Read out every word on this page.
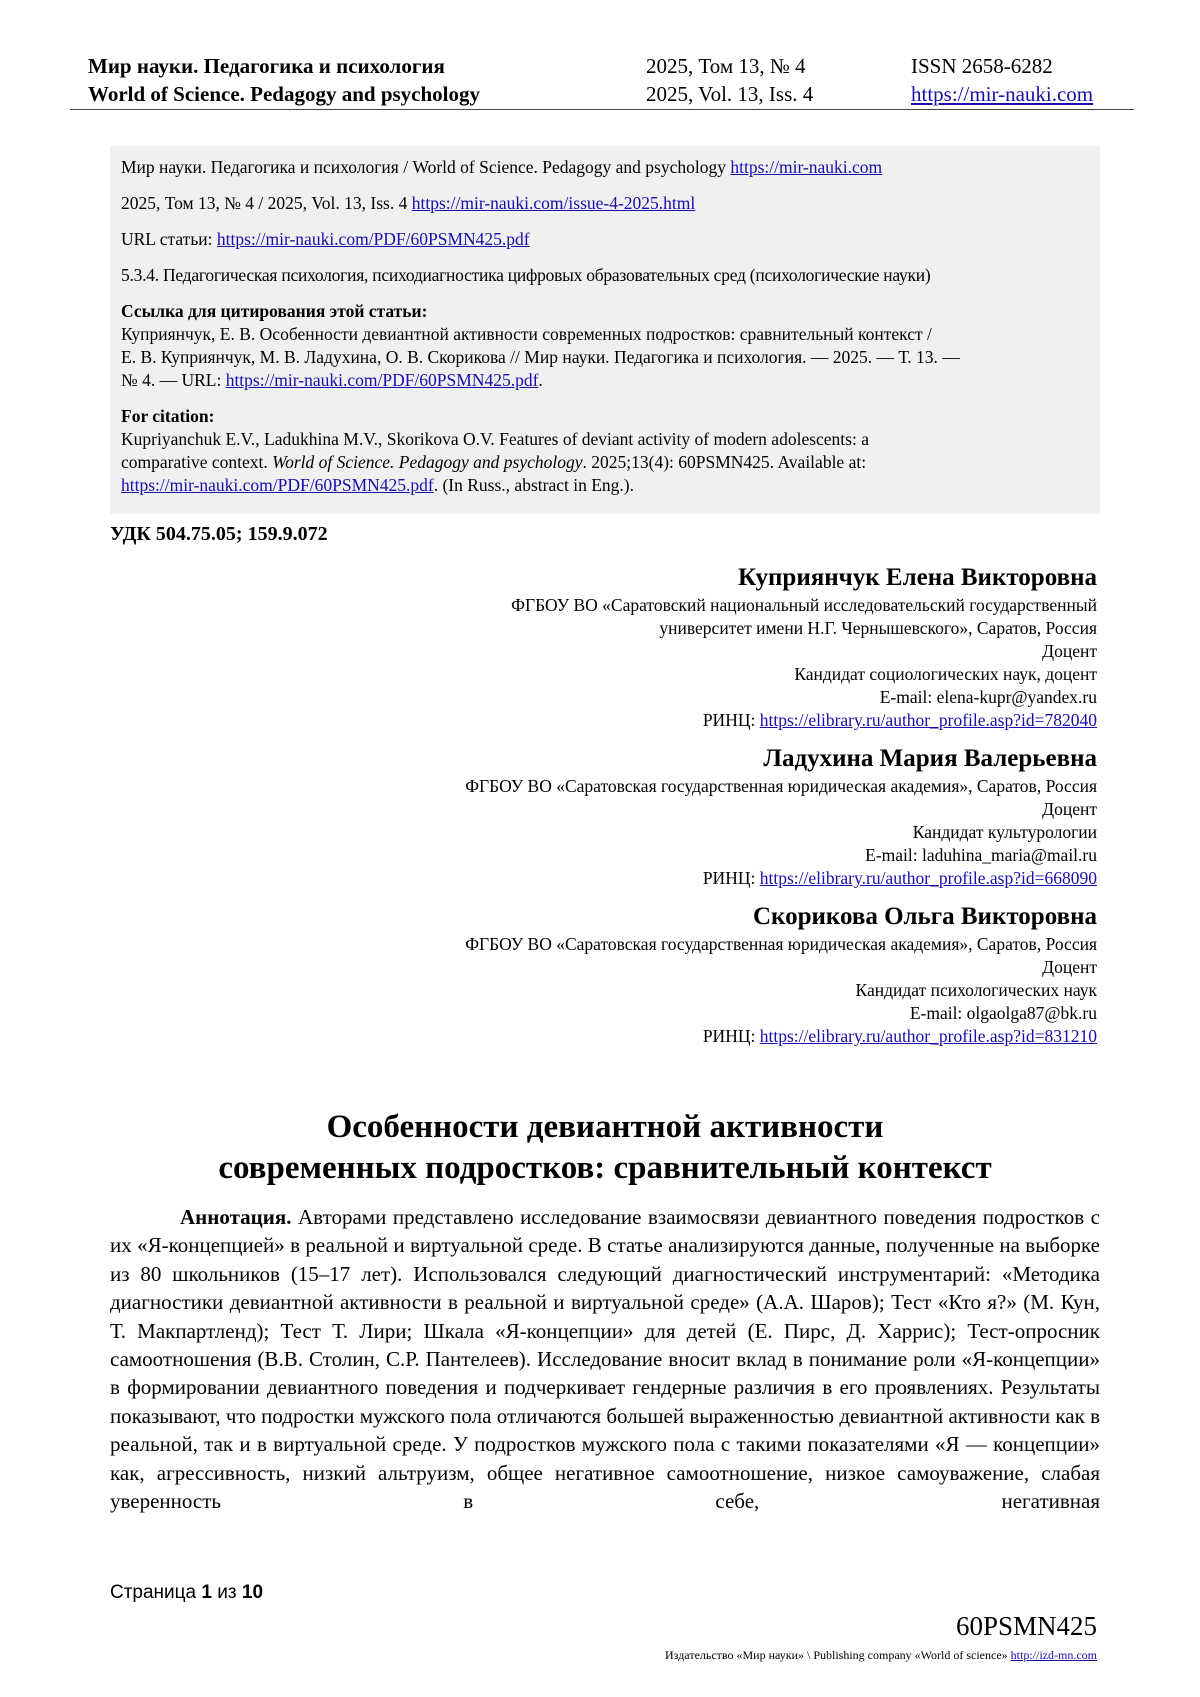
Мир науки. Педагогика и психология
World of Science. Pedagogy and psychology
2025, Том 13, № 4
2025, Vol. 13, Iss. 4
ISSN 2658-6282
https://mir-nauki.com

Мир науки. Педагогика и психология / World of Science. Pedagogy and psychology https://mir-nauki.com

2025, Том 13, № 4 / 2025, Vol. 13, Iss. 4 https://mir-nauki.com/issue-4-2025.html

URL статьи: https://mir-nauki.com/PDF/60PSMN425.pdf

5.3.4. Педагогическая психология, психодиагностика цифровых образовательных сред (психологические науки)

Ссылка для цитирования этой статьи:

Куприянчук, Е. В. Особенности девиантной активности современных подростков: сравнительный контекст /

Е. В. Куприянчук, М. В. Ладухина, О. В. Скорикова // Мир науки. Педагогика и психология. — 2025. — Т. 13. —

№ 4. — URL: https://mir-nauki.com/PDF/60PSMN425.pdf.

For citation:

Kupriyanchuk E.V., Ladukhina M.V., Skorikova O.V. Features of deviant activity of modern adolescents: a

comparative context. World of Science. Pedagogy and psychology. 2025;13(4): 60PSMN425. Available at:

https://mir-nauki.com/PDF/60PSMN425.pdf. (In Russ., abstract in Eng.).

УДК 504.75.05; 159.9.072
Куприянчук Елена Викторовна
ФГБОУ ВО «Саратовский национальный исследовательский государственный
университет имени Н.Г. Чернышевского», Саратов, Россия
Доцент
Кандидат социологических наук, доцент
E-mail: elena-kupr@yandex.ru
РИНЦ: https://elibrary.ru/author_profile.asp?id=782040
Ладухина Мария Валерьевна
ФГБОУ ВО «Саратовская государственная юридическая академия», Саратов, Россия
Доцент
Кандидат культурологии
E-mail: laduhina_maria@mail.ru
РИНЦ: https://elibrary.ru/author_profile.asp?id=668090
Скорикова Ольга Викторовна
ФГБОУ ВО «Саратовская государственная юридическая академия», Саратов, Россия
Доцент
Кандидат психологических наук
E-mail: olgaolga87@bk.ru
РИНЦ: https://elibrary.ru/author_profile.asp?id=831210
Особенности девиантной активности
современных подростков: сравнительный контекст
Аннотация. Авторами представлено исследование взаимосвязи девиантного поведения подростков с их «Я-концепцией» в реальной и виртуальной среде. В статье анализируются данные, полученные на выборке из 80 школьников (15–17 лет). Использовался следующий диагностический инструментарий: «Методика диагностики девиантной активности в реальной и виртуальной среде» (А.А. Шаров); Тест «Кто я?» (М. Кун, Т. Макпартленд); Тест Т. Лири; Шкала «Я-концепции» для детей (Е. Пирс, Д. Харрис); Тест-опросник самоотношения (В.В. Столин, С.Р. Пантелеев). Исследование вносит вклад в понимание роли «Я-концепции» в формировании девиантного поведения и подчеркивает гендерные различия в его проявлениях. Результаты показывают, что подростки мужского пола отличаются большей выраженностью девиантной активности как в реальной, так и в виртуальной среде. У подростков мужского пола с такими показателями «Я — концепции» как, агрессивность, низкий альтруизм, общее негативное самоотношение, низкое самоуважение, слабая уверенность в себе, негативная
Страница 1 из 10
60PSMN425
Издательство «Мир науки» \ Publishing company «World of science» http://izd-mn.com
